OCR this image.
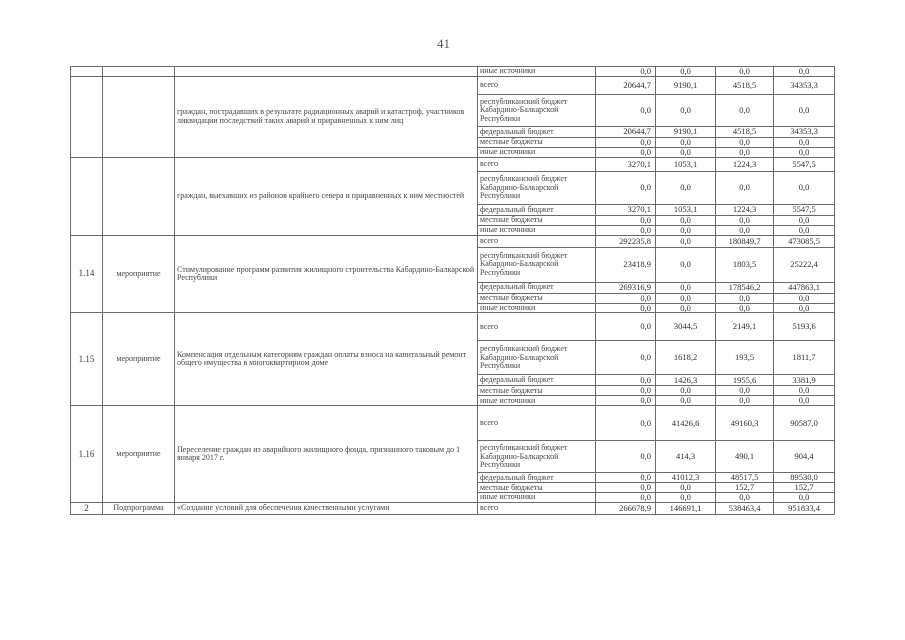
41
			иные источники	0,0	0,0	0,0	0,0
		граждан, пострадавших в результате радиационных аварий и катастроф, участников ликвидации последствий таких аварий и приравненных к ним лиц	всего	20644,7	9190,1	4518,5	34353,3
			республиканский бюджет Кабардино-Балкарской Республики	0,0	0,0	0,0	0,0
			федеральный бюджет	20644,7	9190,1	4518,5	34353,3
			местные бюджеты	0,0	0,0	0,0	0,0
			иные источники	0,0	0,0	0,0	0,0
		граждан, выехавших из районов крайнего севера и приравненных к ним местностей	всего	3270,1	1053,1	1224,3	5547,5
			республиканский бюджет Кабардино-Балкарской Республики	0,0	0,0	0,0	0,0
			федеральный бюджет	3270,1	1053,1	1224,3	5547,5
			местные бюджеты	0,0	0,0	0,0	0,0
			иные источники	0,0	0,0	0,0	0,0
1.14	мероприятие	Стимулирование программ развития жилищного строительства Кабардино-Балкарской Республики	всего	292235,8	0,0	180849,7	473085,5
			республиканский бюджет Кабардино-Балкарской Республики	23418,9	0,0	1803,5	25222,4
			федеральный бюджет	269316,9	0,0	178546,2	447863,1
			местные бюджеты	0,0	0,0	0,0	0,0
			иные источники	0,0	0,0	0,0	0,0
1.15	мероприятие	Компенсация отдельным категориям граждан оплаты взноса на капитальный ремонт общего имущества в многоквартирном доме	всего	0,0	3044,5	2149,1	5193,6
			республиканский бюджет Кабардино-Балкарской Республики	0,0	1618,2	193,5	1811,7
			федеральный бюджет	0,0	1426,3	1955,6	3381,9
			местные бюджеты	0,0	0,0	0,0	0,0
			иные источники	0,0	0,0	0,0	0,0
1.16	мероприятие	Переселение граждан из аварийного жилищного фонда, признанного таковым до 1 января 2017 г.	всего	0,0	41426,6	49160,3	90587,0
			республиканский бюджет Кабардино-Балкарской Республики	0,0	414,3	490,1	904,4
			федеральный бюджет	0,0	41012,3	48517,5	89530,0
			местные бюджеты	0,0	0,0	152,7	152,7
			иные источники	0,0	0,0	0,0	0,0
2	Подпрограмма	«Создание условий для обеспечения качественными услугами	всего	266678,9	146691,1	538463,4	951833,4
